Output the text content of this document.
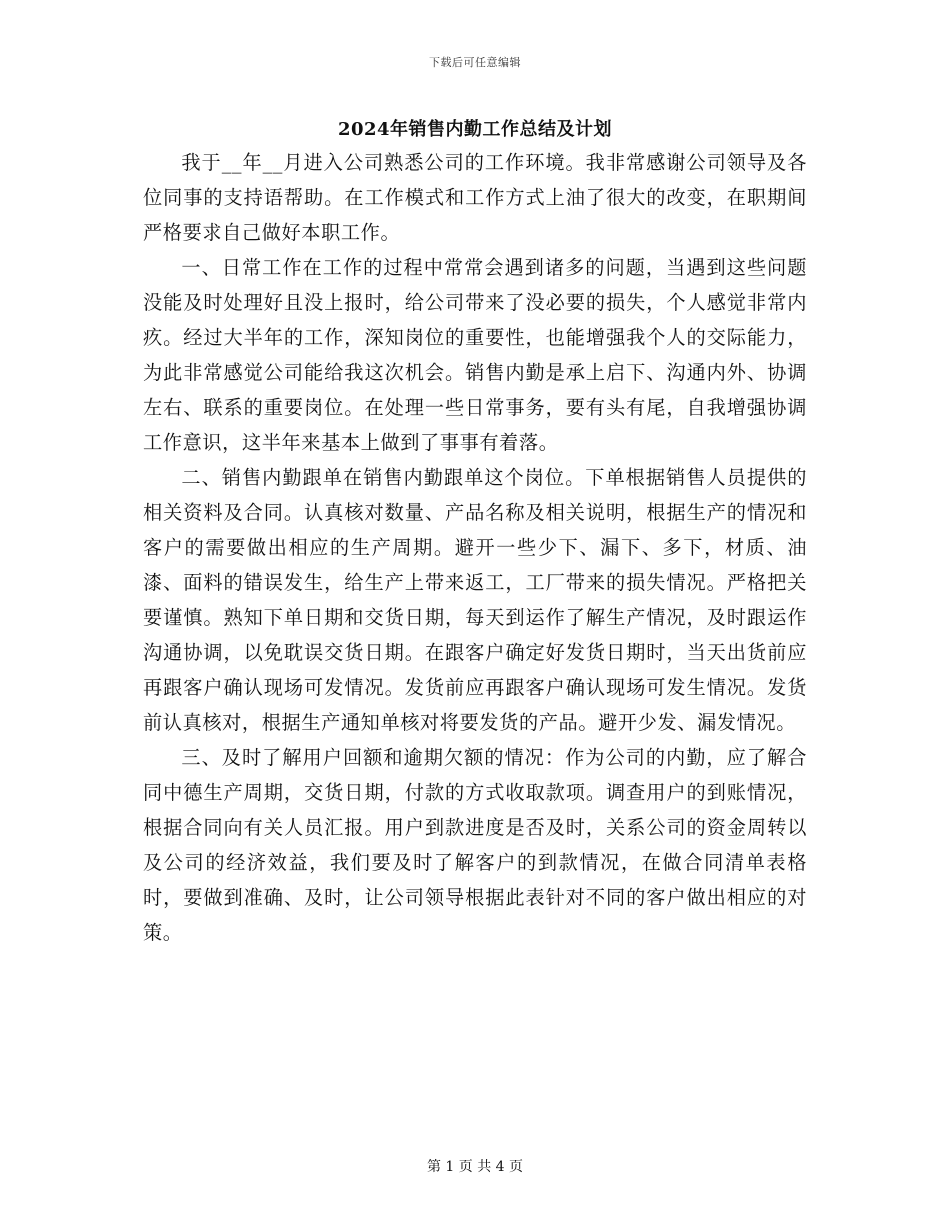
下载后可任意编辑
2024年销售内勤工作总结及计划

我于__年__月进入公司熟悉公司的工作环境。我非常感谢公司领导及各位同事的支持语帮助。在工作模式和工作方式上油了很大的改变，在职期间严格要求自己做好本职工作。

一、日常工作在工作的过程中常常会遇到诸多的问题，当遇到这些问题没能及时处理好且没上报时，给公司带来了没必要的损失，个人感觉非常内疚。经过大半年的工作，深知岗位的重要性，也能增强我个人的交际能力，为此非常感觉公司能给我这次机会。销售内勤是承上启下、沟通内外、协调左右、联系的重要岗位。在处理一些日常事务，要有头有尾，自我增强协调工作意识，这半年来基本上做到了事事有着落。

二、销售内勤跟单在销售内勤跟单这个岗位。下单根据销售人员提供的相关资料及合同。认真核对数量、产品名称及相关说明，根据生产的情况和客户的需要做出相应的生产周期。避开一些少下、漏下、多下，材质、油漆、面料的错误发生，给生产上带来返工，工厂带来的损失情况。严格把关要谨慎。熟知下单日期和交货日期，每天到运作了解生产情况，及时跟运作沟通协调，以免耽误交货日期。在跟客户确定好发货日期时，当天出货前应再跟客户确认现场可发情况。发货前应再跟客户确认现场可发生情况。发货前认真核对，根据生产通知单核对将要发货的产品。避开少发、漏发情况。

三、及时了解用户回额和逾期欠额的情况：作为公司的内勤，应了解合同中德生产周期，交货日期，付款的方式收取款项。调查用户的到账情况，根据合同向有关人员汇报。用户到款进度是否及时，关系公司的资金周转以及公司的经济效益，我们要及时了解客户的到款情况，在做合同清单表格时，要做到准确、及时，让公司领导根据此表针对不同的客户做出相应的对策。

第 1 页 共 4 页
